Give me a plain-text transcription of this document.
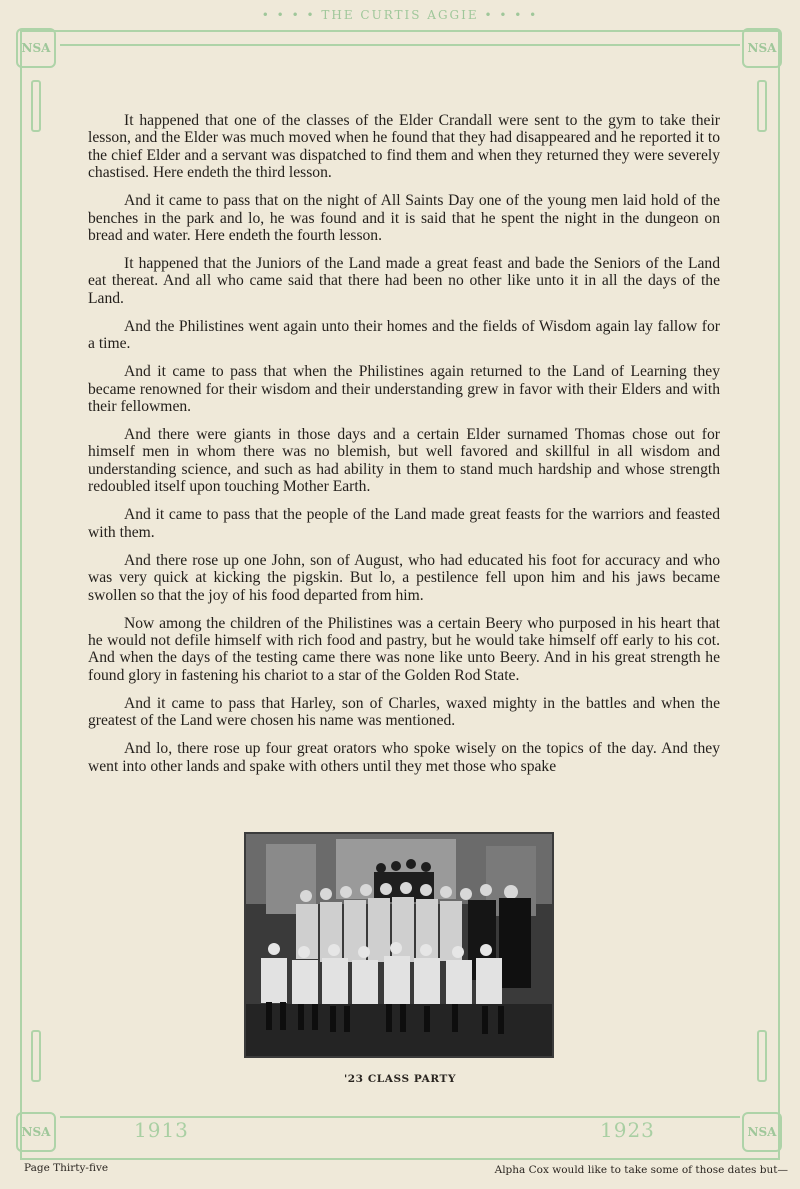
• • • • THE CURTIS AGGIE • • • •
NSA	NSA
NSA	NSA
1913	1923

It happened that one of the classes of the Elder Crandall were sent to the gym to take their lesson, and the Elder was much moved when he found that they had disappeared and he reported it to the chief Elder and a servant was dispatched to find them and when they returned they were severely chastised. Here endeth the third lesson.

And it came to pass that on the night of All Saints Day one of the young men laid hold of the benches in the park and lo, he was found and it is said that he spent the night in the dungeon on bread and water. Here endeth the fourth lesson.

It happened that the Juniors of the Land made a great feast and bade the Seniors of the Land eat thereat. And all who came said that there had been no other like unto it in all the days of the Land.

And the Philistines went again unto their homes and the fields of Wisdom again lay fallow for a time.

And it came to pass that when the Philistines again returned to the Land of Learning they became renowned for their wisdom and their understanding grew in favor with their Elders and with their fellowmen.

And there were giants in those days and a certain Elder surnamed Thomas chose out for himself men in whom there was no blemish, but well favored and skillful in all wisdom and understanding science, and such as had ability in them to stand much hardship and whose strength redoubled itself upon touching Mother Earth.

And it came to pass that the people of the Land made great feasts for the warriors and feasted with them.

And there rose up one John, son of August, who had educated his foot for accuracy and who was very quick at kicking the pigskin. But lo, a pestilence fell upon him and his jaws became swollen so that the joy of his food departed from him.

Now among the children of the Philistines was a certain Beery who purposed in his heart that he would not defile himself with rich food and pastry, but he would take himself off early to his cot. And when the days of the testing came there was none like unto Beery. And in his great strength he found glory in fastening his chariot to a star of the Golden Rod State.

And it came to pass that Harley, son of Charles, waxed mighty in the battles and when the greatest of the Land were chosen his name was mentioned.

And lo, there rose up four great orators who spoke wisely on the topics of the day. And they went into other lands and spake with others until they met those who spake

'23 CLASS PARTY
Page Thirty-five	Alpha Cox would like to take some of those dates but—
